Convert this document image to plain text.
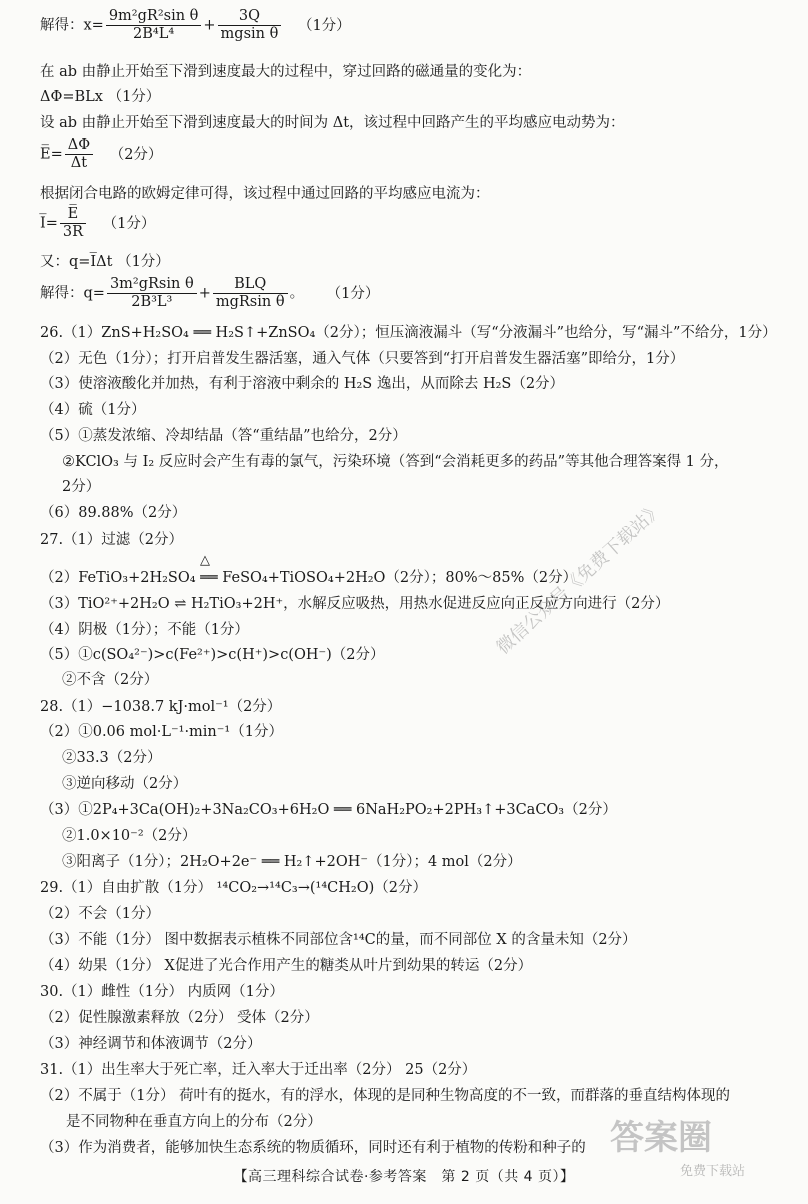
解得：$x= \frac{\text{9m²gR²sin θ}}{\text{2B⁴L⁴}} + \frac{3Q}{\text{mgsin θ}} (1$分）
在 ab 由静止开始至下滑到速度最大的过程中，穿过回路的磁通量的变化为：
ΔΦ=BLx （1分）
设 ab 由静止开始至下滑到速度最大的时间为 Δt，该过程中回路产生的平均感应电动势为：
E̅= $\frac{\Delta\Phi}{\Delta t} (2$分）
根据闭合电路的欧姆定律可得，该过程中通过回路的平均感应电流为：
I̅= $\frac{E̅}{3R} (1$分）
又：q=I̅Δt （1分）
解得：$q= \frac{\text{3m²gRsin θ}}{\text{2B³L³}} + \frac{\text{BLQ}}{\text{mgRsin θ}}$ 。 （1分）
26.（1）ZnS+H₂SO₄ ══ H₂S↑+ZnSO₄（2分）；恒压滴液漏斗（写“分液漏斗”也给分，写“漏斗”不给分，1分）
（2）无色（1分）；打开启普发生器活塞，通入气体（只要答到“打开启普发生器活塞”即给分，1分）
（3）使溶液酸化并加热，有利于溶液中剩余的 H₂S 逸出，从而除去 H₂S（2分）
（4）硫（1分）
（5）①蒸发浓缩、冷却结晶（答“重结晶”也给分，2分）
②KClO₃ 与 I₂ 反应时会产生有毒的氯气，污染环境（答到“会消耗更多的药品”等其他合理答案得 1 分，
2分）
（6）89.88%（2分）
27.（1）过滤（2分）
△
（2）FeTiO₃+2H₂SO₄ ══ FeSO₄+TiOSO₄+2H₂O（2分）；80%～85%（2分）
（3）TiO²⁺+2H₂O ⇌ H₂TiO₃+2H⁺，水解反应吸热，用热水促进反应向正反应方向进行（2分）
（4）阴极（1分）；不能（1分）
（5）①c(SO₄²⁻)>c(Fe²⁺)>c(H⁺)>c(OH⁻)（2分）
②不含（2分）
28.（1）−1038.7 kJ·mol⁻¹（2分）
（2）①0.06 mol·L⁻¹·min⁻¹（1分）
②33.3（2分）
③逆向移动（2分）
（3）①2P₄+3Ca(OH)₂+3Na₂CO₃+6H₂O ══ 6NaH₂PO₂+2PH₃↑+3CaCO₃（2分）
②1.0×10⁻²（2分）
③阳离子（1分）；2H₂O+2e⁻ ══ H₂↑+2OH⁻（1分）；4 mol（2分）
29.（1）自由扩散（1分） ¹⁴CO₂→¹⁴C₃→(¹⁴CH₂O)（2分）
（2）不会（1分）
（3）不能（1分） 图中数据表示植株不同部位含¹⁴C的量，而不同部位 X 的含量未知（2分）
（4）幼果（1分） X促进了光合作用产生的糖类从叶片到幼果的转运（2分）
30.（1）雌性（1分） 内质网（1分）
（2）促性腺激素释放（2分） 受体（2分）
（3）神经调节和体液调节（2分）
31.（1）出生率大于死亡率，迁入率大于迁出率（2分） 25（2分）
（2）不属于（1分） 荷叶有的挺水，有的浮水，体现的是同种生物高度的不一致，而群落的垂直结构体现的
是不同物种在垂直方向上的分布（2分）
（3）作为消费者，能够加快生态系统的物质循环，同时还有利于植物的传粉和种子的
【高三理科综合试卷·参考答案　第 2 页（共 4 页）】
微信公众号《免费下载站》
答案圈
免费下载站
